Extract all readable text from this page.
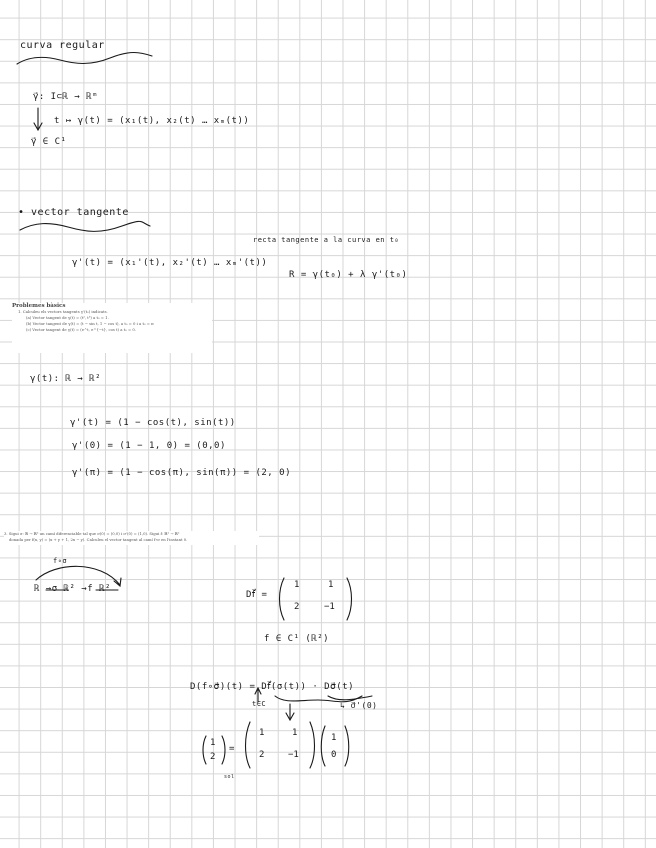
curva regular
γ⃗: I⊂ℝ → ℝᵐ
t ↦ γ(t) = (x₁(t), x₂(t) … xₘ(t))
γ⃗ ∈ C¹
• vector tangente
recta tangente a la curva en t₀
γ'(t) = (x₁'(t), x₂'(t) … xₘ'(t))
R = γ(t₀) + λ γ'(t₀)
Problemes bàsics
1. Calculeu els vectors tangents γ'(t₀) indicats.
(a) Vector tangent de γ(t) = (t², t³) a t₀ = 1.
(b) Vector tangent de γ(t) = (t − sin t, 1 − cos t), a t₀ = 0 i a t₀ = π
(c) Vector tangent de γ(t) = (e^t, e^{−t}, cos t) a t₀ = 0.
γ(t): ℝ → ℝ²
γ'(t) = (1 − cos(t), sin(t))
γ'(0) = (1 − 1, 0) = (0,0)
γ'(π) = (1 − cos(π), sin(π)) = (2, 0)
3. Sigui σ: ℝ → ℝ² un camí diferenciable tal que σ(0) = (0,0) i σ'(0) = (1,0). Sigui f: ℝ² → ℝ²
donada per f(x, y) = (x + y + 1, 2x − y). Calculeu el vector tangent al camí f∘σ en l'instant 0.
f∘σ
ℝ →σ ℝ² →f ℝ²
Df⃗ =
1	1
2	−1
f ∈ C¹ (ℝ²)
D(f∘σ⃗)(t) = Df⃗(σ(t)) · Dσ⃗(t)
t∈C	↳ σ⃗'(0)
1
2
=
1	1
2	−1
1
0
sol
